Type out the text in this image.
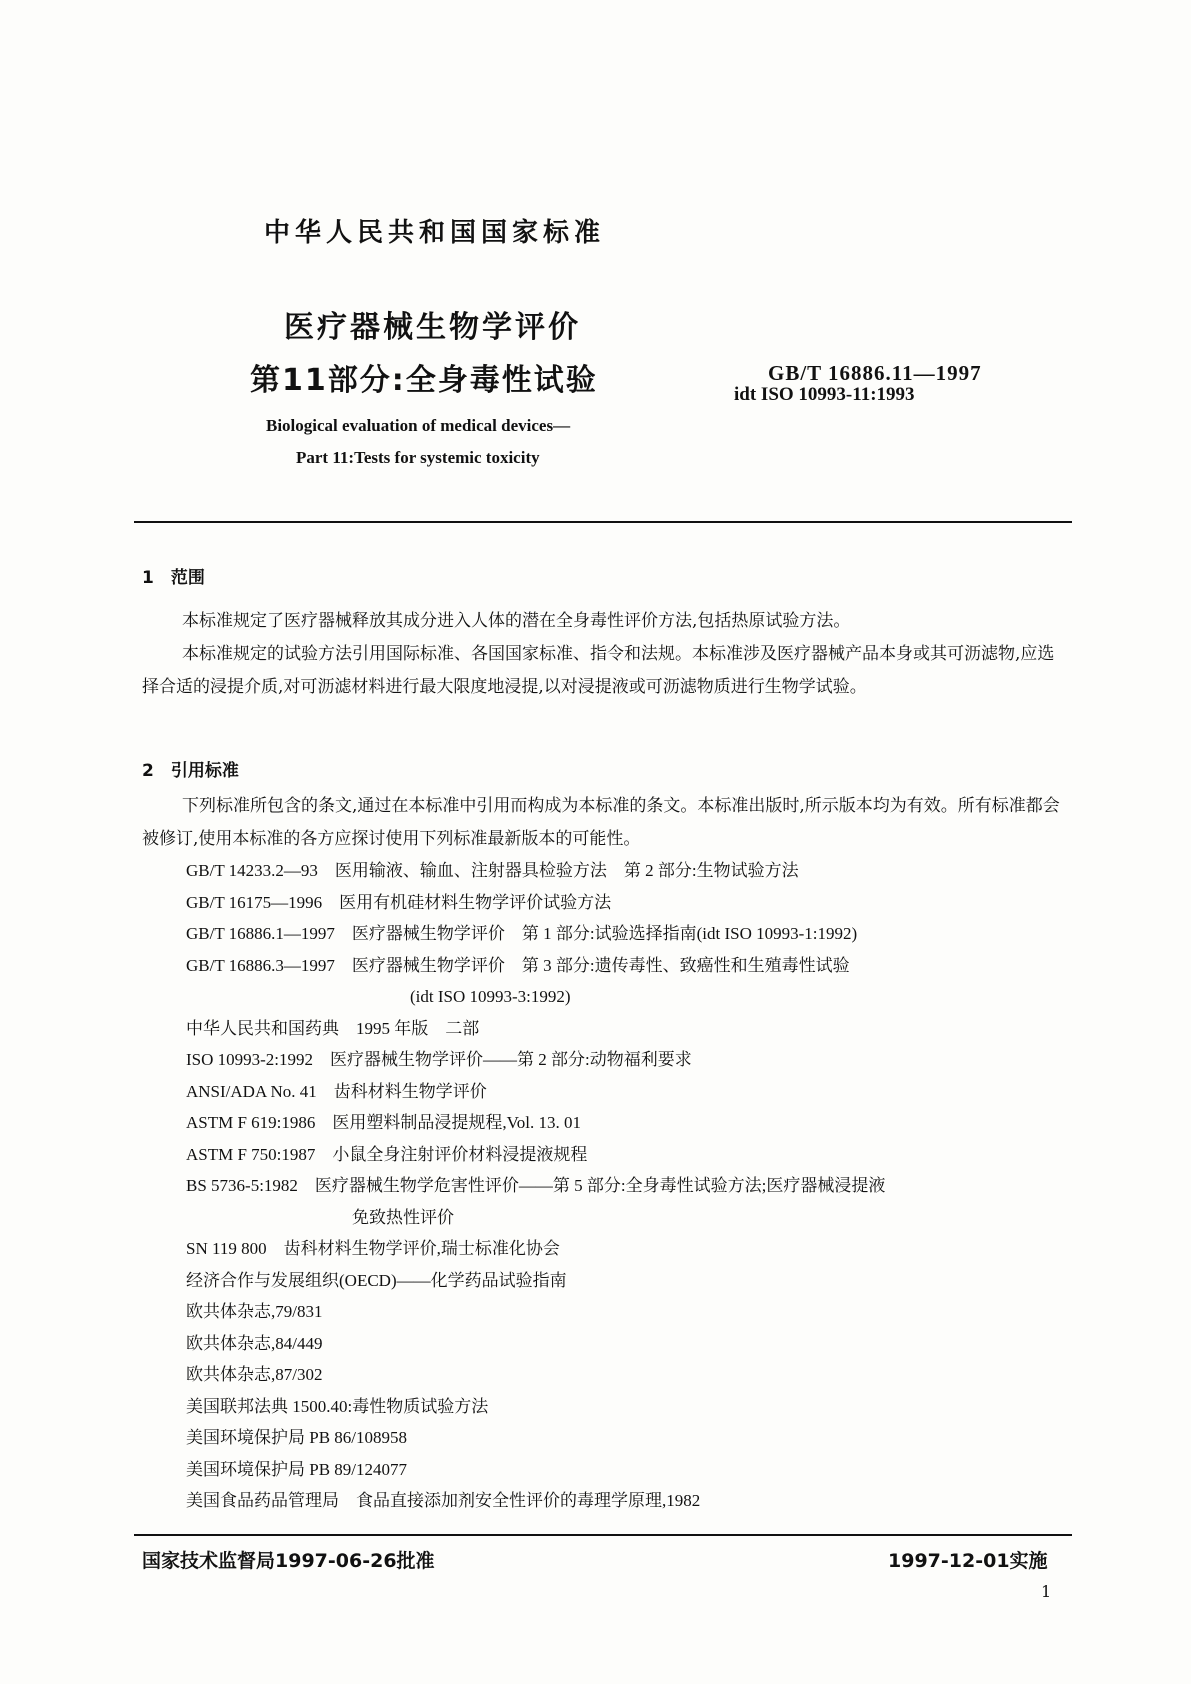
中华人民共和国国家标准
医疗器械生物学评价
第11部分:全身毒性试验	GB/T 16886.11—1997
idt ISO 10993-11:1993
Biological evaluation of medical devices—
Part 11:Tests for systemic toxicity
1　范围
本标准规定了医疗器械释放其成分进入人体的潜在全身毒性评价方法,包括热原试验方法。
本标准规定的试验方法引用国际标准、各国国家标准、指令和法规。本标准涉及医疗器械产品本身或其可沥滤物,应选择合适的浸提介质,对可沥滤材料进行最大限度地浸提,以对浸提液或可沥滤物质进行生物学试验。
2　引用标准
下列标准所包含的条文,通过在本标准中引用而构成为本标准的条文。本标准出版时,所示版本均为有效。所有标准都会被修订,使用本标准的各方应探讨使用下列标准最新版本的可能性。
GB/T 14233.2—93　医用输液、输血、注射器具检验方法　第 2 部分:生物试验方法
GB/T 16175—1996　医用有机硅材料生物学评价试验方法
GB/T 16886.1—1997　医疗器械生物学评价　第 1 部分:试验选择指南(idt ISO 10993-1:1992)
GB/T 16886.3—1997　医疗器械生物学评价　第 3 部分:遗传毒性、致癌性和生殖毒性试验
(idt ISO 10993-3:1992)
中华人民共和国药典　1995 年版　二部
ISO 10993-2:1992　医疗器械生物学评价——第 2 部分:动物福利要求
ANSI/ADA No. 41　齿科材料生物学评价
ASTM F 619:1986　医用塑料制品浸提规程,Vol. 13. 01
ASTM F 750:1987　小鼠全身注射评价材料浸提液规程
BS 5736-5:1982　医疗器械生物学危害性评价——第 5 部分:全身毒性试验方法;医疗器械浸提液
免致热性评价
SN 119 800　齿科材料生物学评价,瑞士标准化协会
经济合作与发展组织(OECD)——化学药品试验指南
欧共体杂志,79/831
欧共体杂志,84/449
欧共体杂志,87/302
美国联邦法典 1500.40:毒性物质试验方法
美国环境保护局 PB 86/108958
美国环境保护局 PB 89/124077
美国食品药品管理局　食品直接添加剂安全性评价的毒理学原理,1982
国家技术监督局1997-06-26批准	1997-12-01实施
1
